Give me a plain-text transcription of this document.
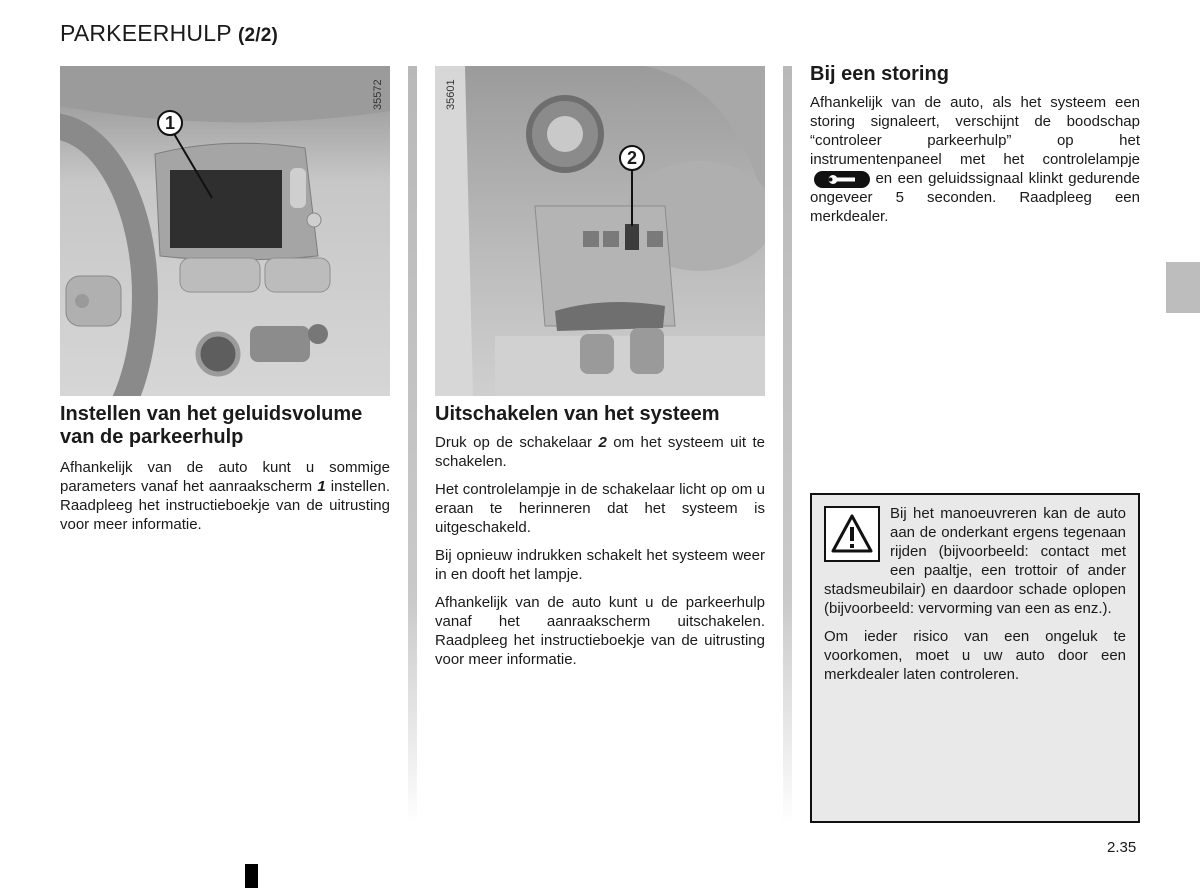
PARKEERHULP (2/2)
35572
1
Instellen van het geluidsvolume van de parkeerhulp

Afhankelijk van de auto kunt u sommige parameters vanaf het aanraakscherm 1 instellen. Raadpleeg het instructieboekje van de uitrusting voor meer informatie.

35601
2
Uitschakelen van het systeem

Druk op de schakelaar 2 om het systeem uit te schakelen.

Het controlelampje in de schakelaar licht op om u eraan te herinneren dat het systeem is uitgeschakeld.

Bij opnieuw indrukken schakelt het systeem weer in en dooft het lampje.

Afhankelijk van de auto kunt u de parkeerhulp vanaf het aanraakscherm uitschakelen. Raadpleeg het instructieboekje van de uitrusting voor meer informatie.

Bij een storing

Afhankelijk van de auto, als het systeem een storing signaleert, verschijnt de boodschap “controleer parkeerhulp” op het instrumentenpaneel met het controlelampje
en een geluidssignaal klinkt gedurende ongeveer 5 seconden. Raadpleeg een merkdealer.

Bij het manoeuvreren kan de auto aan de onderkant ergens tegenaan rijden (bijvoorbeeld: contact met een paaltje, een trottoir of ander stadsmeubilair) en daardoor schade oplopen (bijvoorbeeld: vervorming van een as enz.).

Om ieder risico van een ongeluk te voorkomen, moet u uw auto door een merkdealer laten controleren.

2.35
